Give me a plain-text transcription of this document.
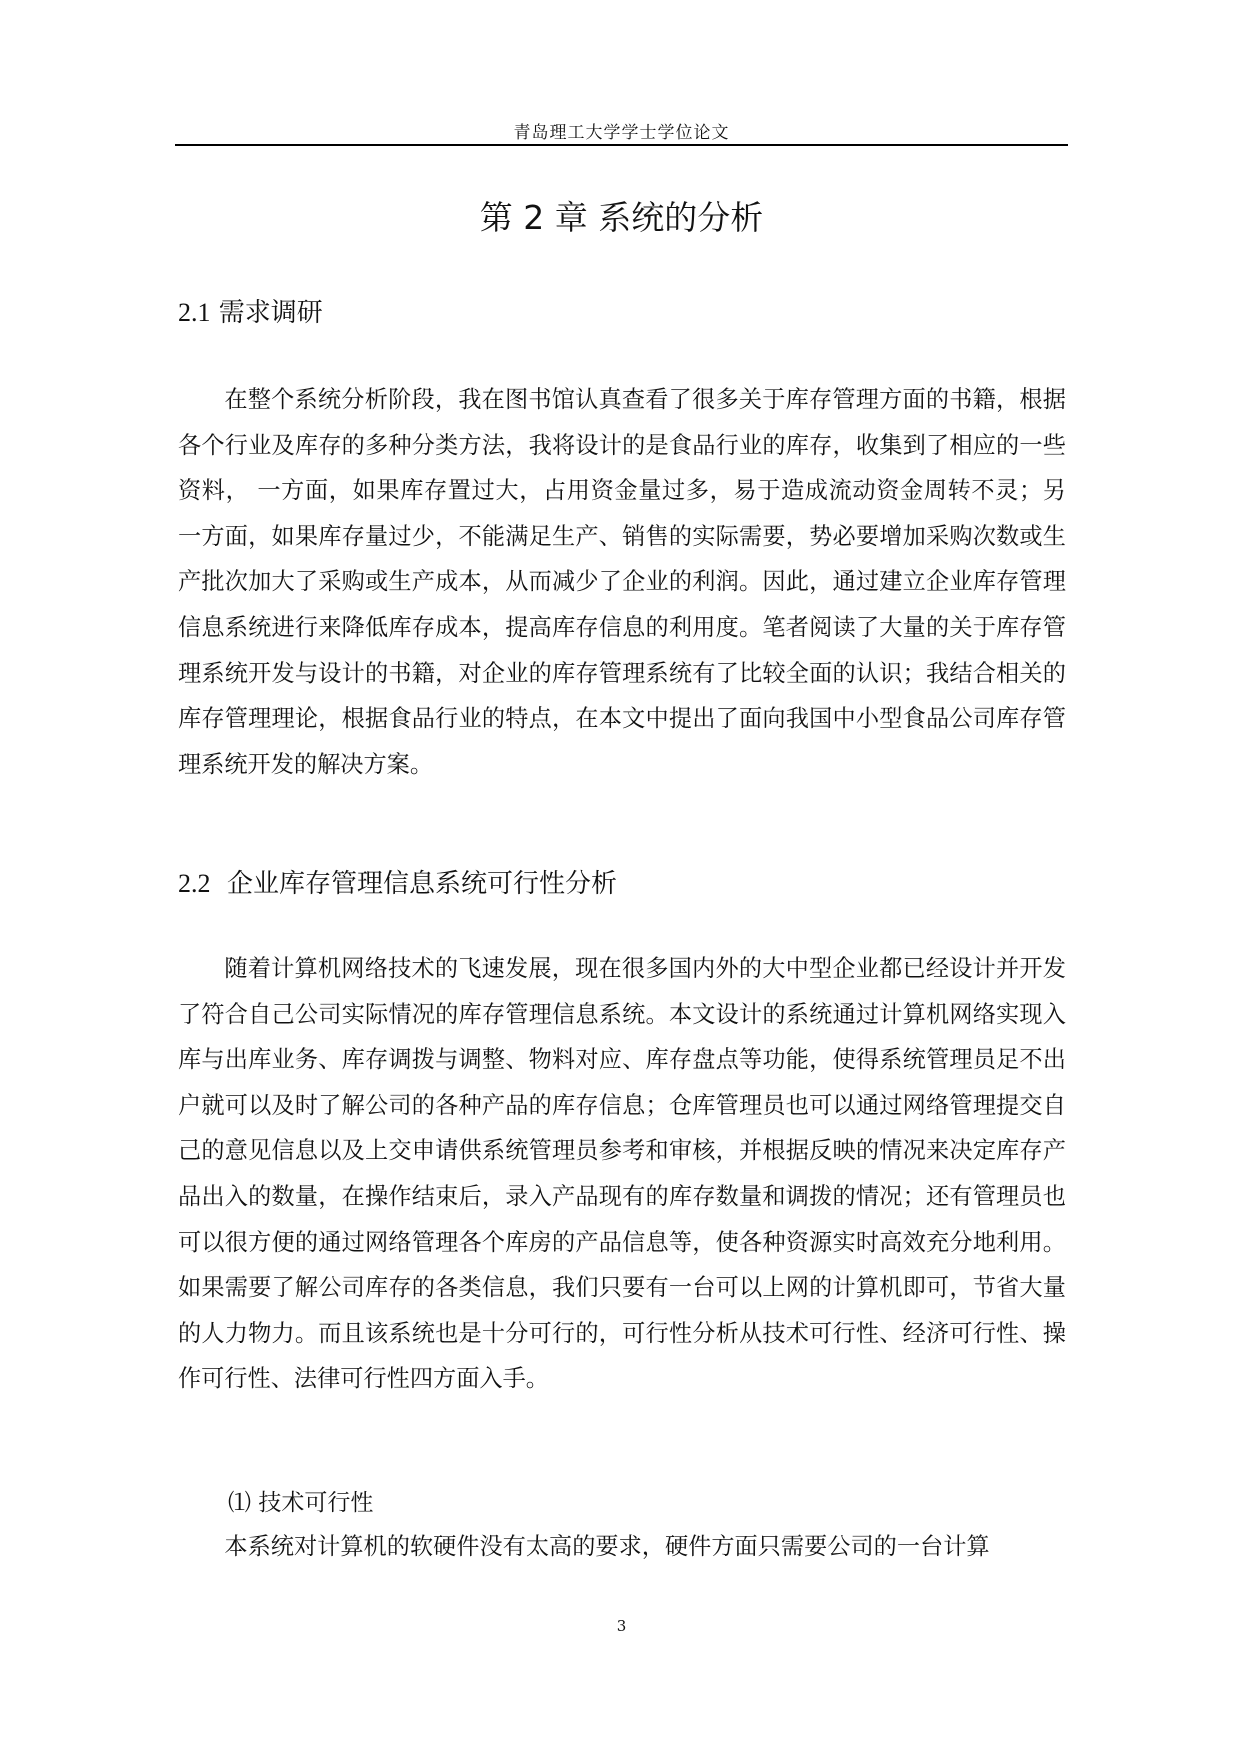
青岛理工大学学士学位论文
第 2 章 系统的分析
2.1 需求调研

在整个系统分析阶段，我在图书馆认真查看了很多关于库存管理方面的书籍，根据各个行业及库存的多种分类方法，我将设计的是食品行业的库存，收集到了相应的一些资料， 一方面，如果库存置过大，占用资金量过多，易于造成流动资金周转不灵；另一方面，如果库存量过少，不能满足生产、销售的实际需要，势必要增加采购次数或生产批次加大了采购或生产成本，从而减少了企业的利润。因此，通过建立企业库存管理信息系统进行来降低库存成本，提高库存信息的利用度。笔者阅读了大量的关于库存管理系统开发与设计的书籍，对企业的库存管理系统有了比较全面的认识；我结合相关的库存管理理论，根据食品行业的特点，在本文中提出了面向我国中小型食品公司库存管理系统开发的解决方案。

2.2 企业库存管理信息系统可行性分析

随着计算机网络技术的飞速发展，现在很多国内外的大中型企业都已经设计并开发了符合自己公司实际情况的库存管理信息系统。本文设计的系统通过计算机网络实现入库与出库业务、库存调拨与调整、物料对应、库存盘点等功能，使得系统管理员足不出户就可以及时了解公司的各种产品的库存信息；仓库管理员也可以通过网络管理提交自己的意见信息以及上交申请供系统管理员参考和审核，并根据反映的情况来决定库存产品出入的数量，在操作结束后，录入产品现有的库存数量和调拨的情况；还有管理员也可以很方便的通过网络管理各个库房的产品信息等，使各种资源实时高效充分地利用。如果需要了解公司库存的各类信息，我们只要有一台可以上网的计算机即可，节省大量的人力物力。而且该系统也是十分可行的，可行性分析从技术可行性、经济可行性、操作可行性、法律可行性四方面入手。

⑴ 技术可行性

本系统对计算机的软硬件没有太高的要求，硬件方面只需要公司的一台计算

3
